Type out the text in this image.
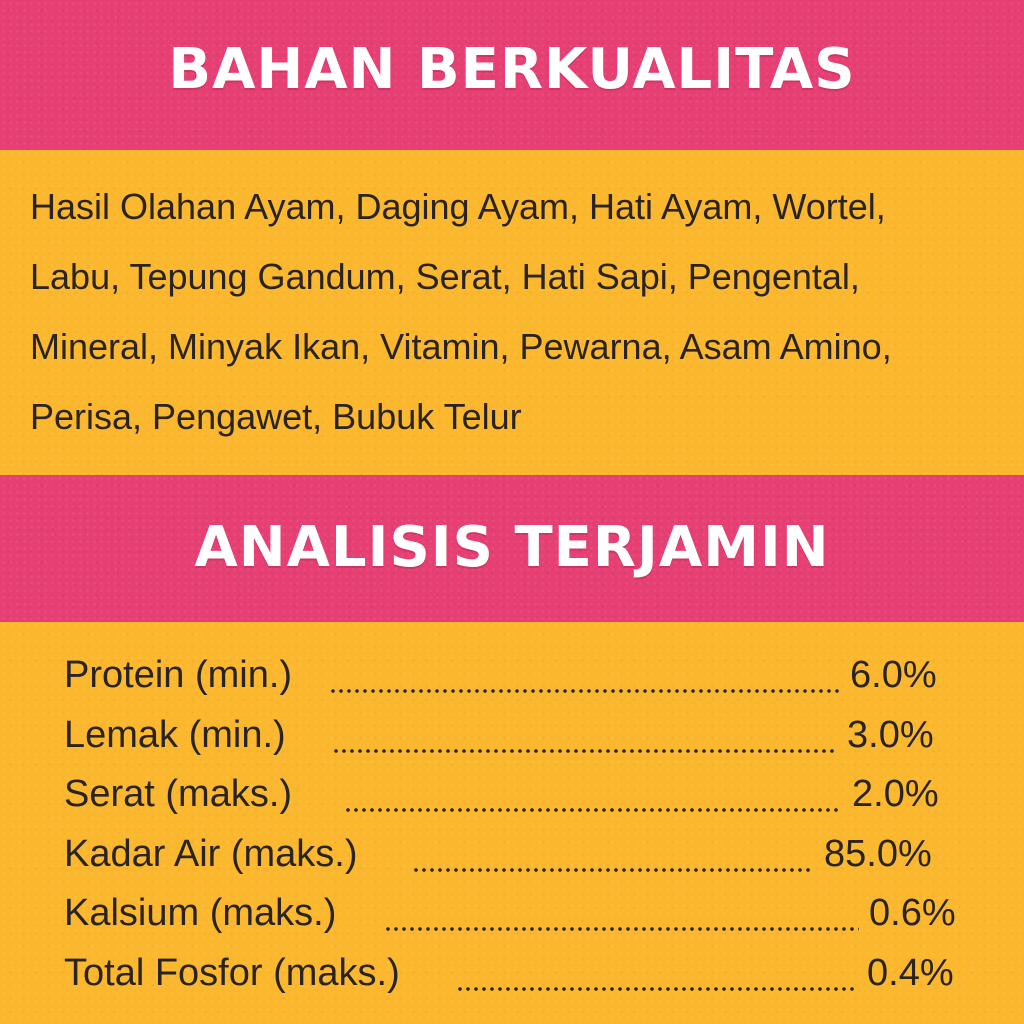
BAHAN BERKUALITAS

Hasil Olahan Ayam, Daging Ayam, Hati Ayam, Wortel,
Labu, Tepung Gandum, Serat, Hati Sapi, Pengental,
Mineral, Minyak Ikan, Vitamin, Pewarna, Asam Amino,
Perisa, Pengawet, Bubuk Telur

ANALISIS TERJAMIN
Protein (min.)	6.0%
Lemak (min.)	3.0%
Serat (maks.)	2.0%
Kadar Air (maks.)	85.0%
Kalsium (maks.)	0.6%
Total Fosfor (maks.)	0.4%
